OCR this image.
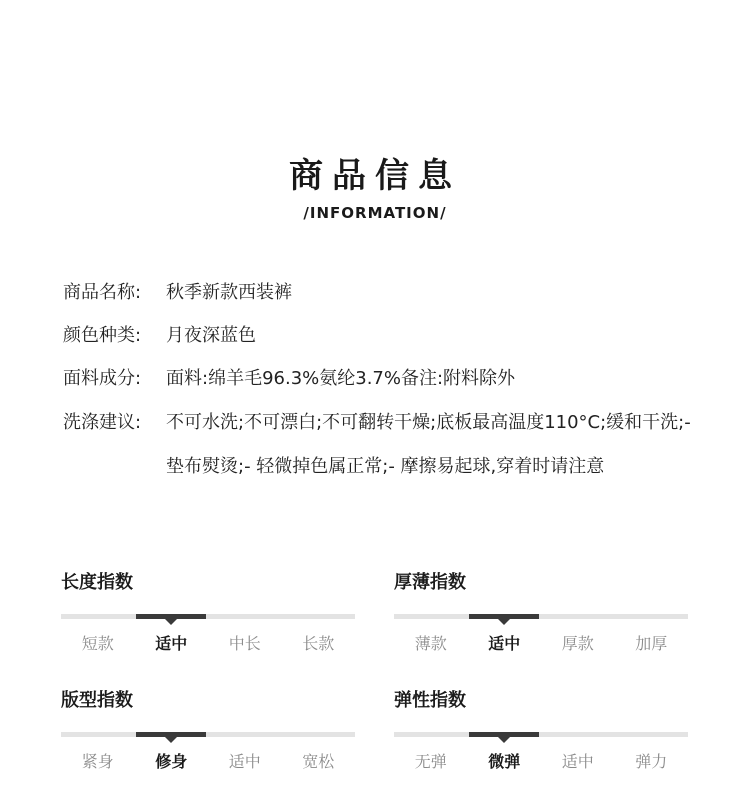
商品信息
/INFORMATION/
商品名称:	秋季新款西装裤
颜色种类:	月夜深蓝色
面料成分:	面料:绵羊毛96.3%氨纶3.7%备注:附料除外
洗涤建议:	不可水洗;不可漂白;不可翻转干燥;底板最高温度110°C;缓和干洗;- 垫布熨烫;- 轻微掉色属正常;- 摩擦易起球,穿着时请注意
长度指数
短款	适中	中长	长款
厚薄指数
薄款	适中	厚款	加厚
版型指数
紧身	修身	适中	宽松
弹性指数
无弹	微弹	适中	弹力
